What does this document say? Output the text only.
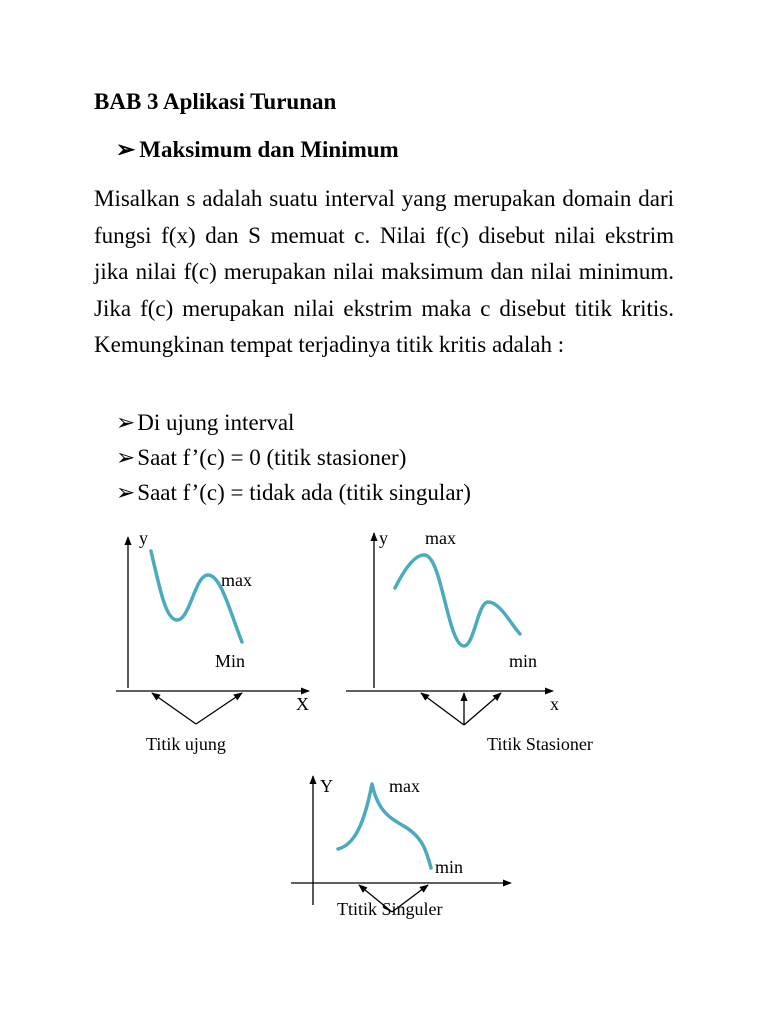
BAB 3 Aplikasi Turunan
➢ Maksimum dan Minimum

Misalkan s adalah suatu interval yang merupakan domain dari fungsi f(x) dan S memuat c. Nilai f(c) disebut nilai ekstrim jika nilai f(c) merupakan nilai maksimum dan nilai minimum. Jika f(c) merupakan nilai ekstrim maka c disebut titik kritis. Kemungkinan tempat terjadinya titik kritis adalah :

➢Di ujung interval
➢Saat f’(c) = 0 (titik stasioner)
➢Saat f’(c) = tidak ada (titik singular)
y
max
Min
X
Titik ujung
y max
min
x
Titik Stasioner
Y	max
min
Ttitik Singuler
